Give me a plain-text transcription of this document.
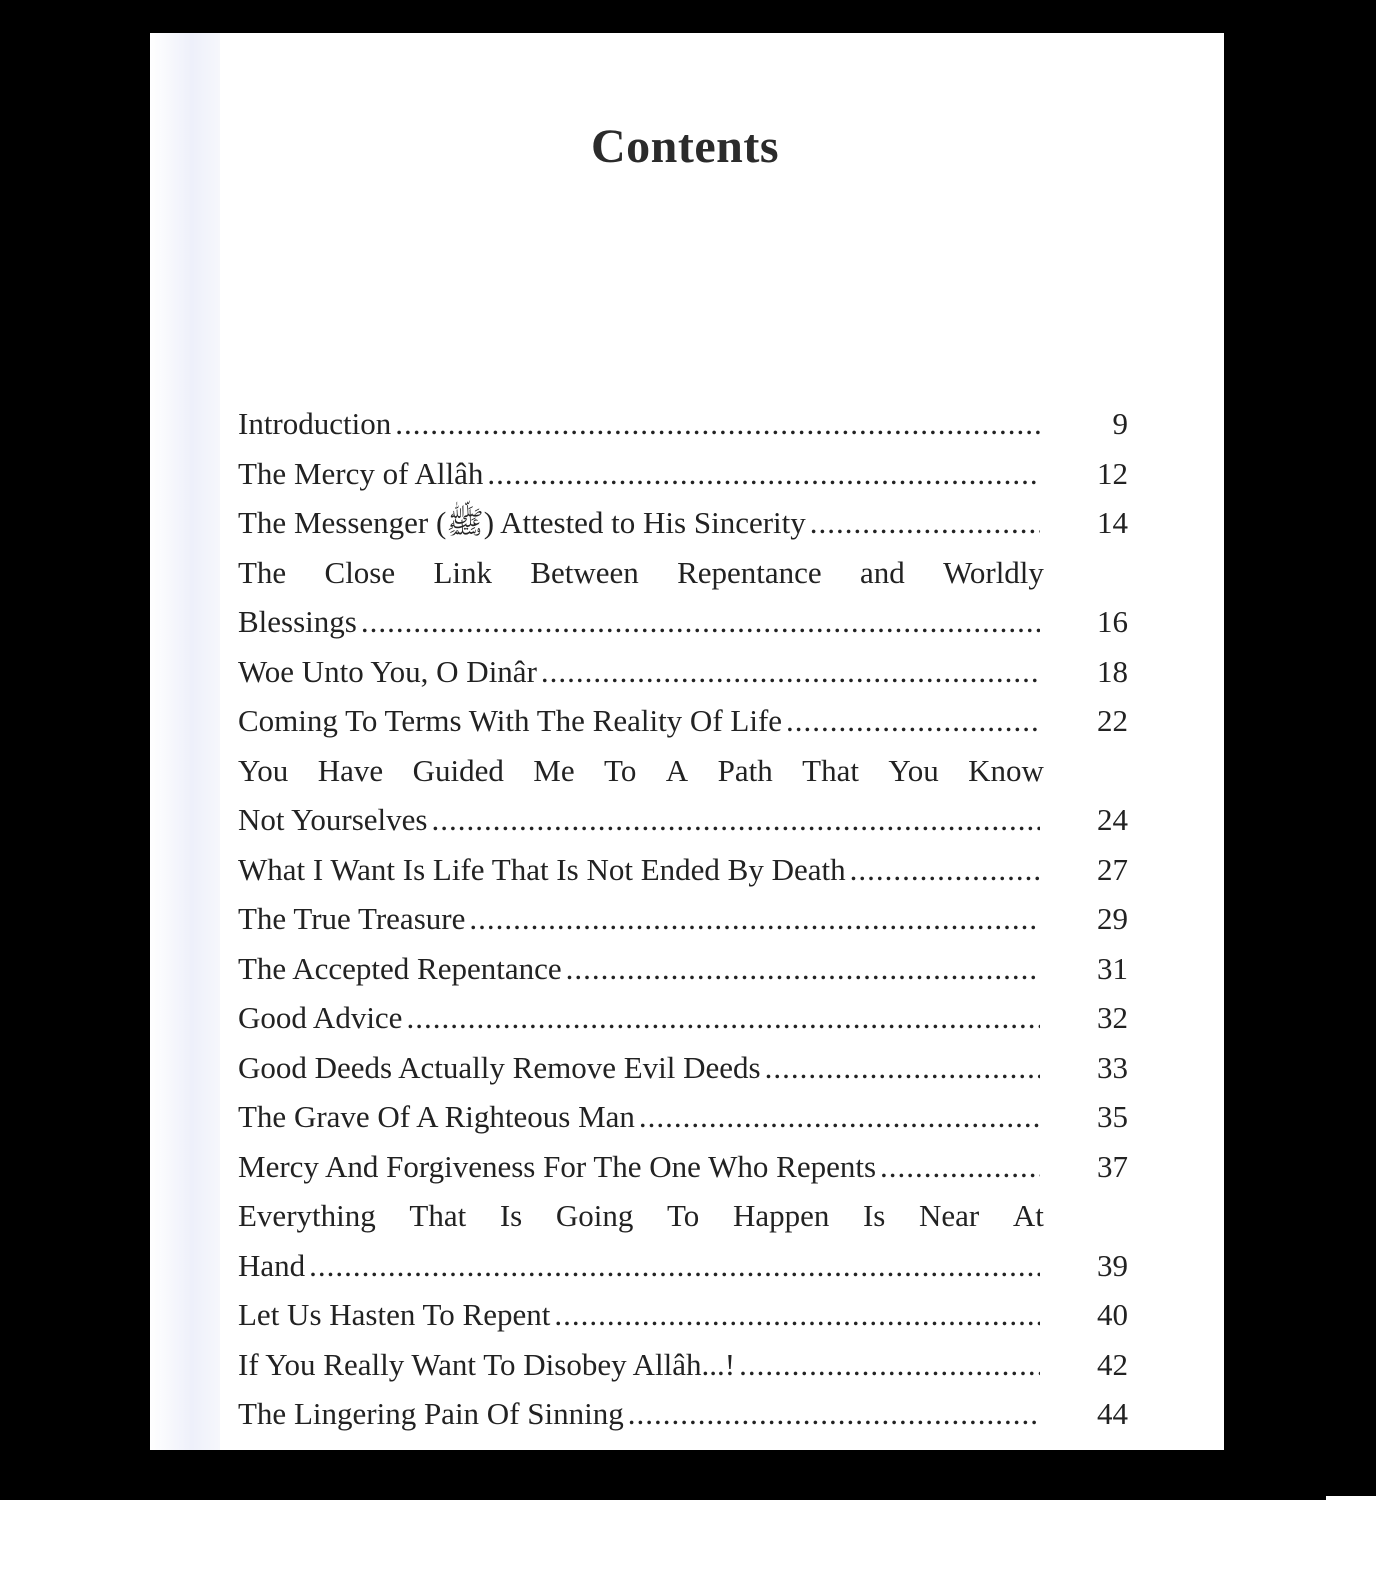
Contents
Introduction .....	9
The Mercy of Allâh .....	12
The Messenger (ﷺ) Attested to His Sincerity .....	14
The Close Link Between Repentance and Worldly
Blessings .....	16
Woe Unto You, O Dinâr .....	18
Coming To Terms With The Reality Of Life .....	22
You Have Guided Me To A Path That You Know
Not Yourselves .....	24
What I Want Is Life That Is Not Ended By Death .....	27
The True Treasure .....	29
The Accepted Repentance .....	31
Good Advice .....	32
Good Deeds Actually Remove Evil Deeds .....	33
The Grave Of A Righteous Man .....	35
Mercy And Forgiveness For The One Who Repents .....	37
Everything That Is Going To Happen Is Near At
Hand .....	39
Let Us Hasten To Repent .....	40
If You Really Want To Disobey Allâh...! .....	42
The Lingering Pain Of Sinning .....	44
